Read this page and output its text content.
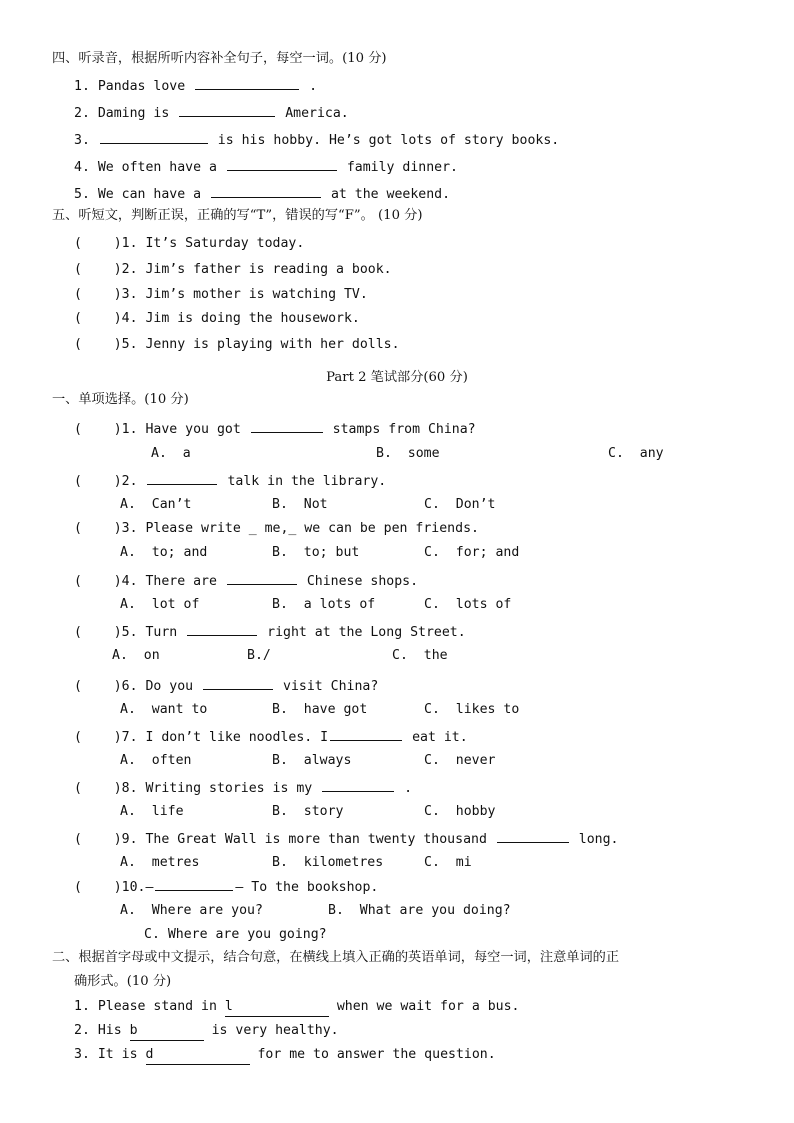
四、听录音，根据所听内容补全句子，每空一词。(10 分)
1. Pandas love	.
2. Daming is	America.
3.	is his hobby. He’s got lots of story books.
4. We often have a	family dinner.
5. We can have a	at the weekend.
五、听短文，判断正误，正确的写“T”，错误的写“F”。 (10 分)
(    )1. It’s Saturday today.
(    )2. Jim’s father is reading a book.
(    )3. Jim’s mother is watching TV.
(    )4. Jim is doing the housework.
(    )5. Jenny is playing with her dolls.
Part 2 笔试部分(60 分)
一、单项选择。(10 分)
(    )1. Have you got	stamps from China?
A.  a	B.  some	C.  any
(    )2.	talk in the library.
A.  Can’t	B.  Not	C.  Don’t
(    )3. Please write _ me,_ we can be pen friends.
A.  to; and	B.  to; but	C.  for; and
(    )4. There are	Chinese shops.
A.  lot of	B.  a lots of	C.  lots of
(    )5. Turn	right at the Long Street.
A.  on	B./	C.  the
(    )6. Do you	visit China?
A.  want to	B.  have got	C.  likes to
(    )7. I don’t like noodles. I	eat it.
A.  often	B.  always	C.  never
(    )8. Writing stories is my	.
A.  life	B.  story	C.  hobby
(    )9. The Great Wall is more than twenty thousand	long.
A.  metres	B.  kilometres	C.  mi
(    )10.—	— To the bookshop.
A.  Where are you?	B.  What are you doing?
C. Where are you going?
二、根据首字母或中文提示，结合句意，在横线上填入正确的英语单词，每空一词，注意单词的正
确形式。(10 分)
1. Please stand in l	when we wait for a bus.
2. His b	is very healthy.
3. It is d	for me to answer the question.
